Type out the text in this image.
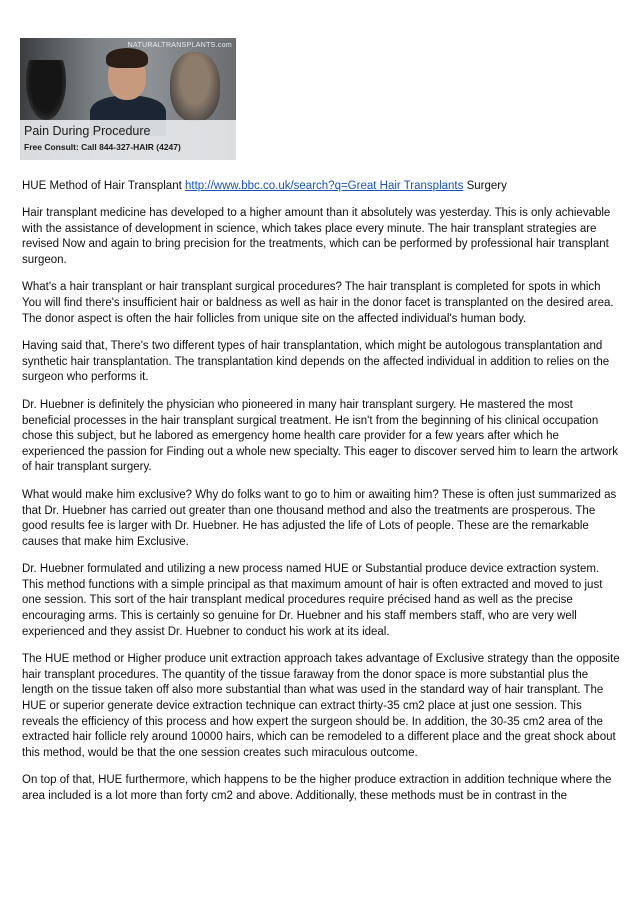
NATURALTRANSPLANTS.com
Pain During Procedure
Free Consult: Call 844-327-HAIR (4247)
HUE Method of Hair Transplant http://www.bbc.co.uk/search?q=Great Hair Transplants Surgery

Hair transplant medicine has developed to a higher amount than it absolutely was yesterday. This is only achievable with the assistance of development in science, which takes place every minute. The hair transplant strategies are revised Now and again to bring precision for the treatments, which can be performed by professional hair transplant surgeon.

What's a hair transplant or hair transplant surgical procedures? The hair transplant is completed for spots in which You will find there's insufficient hair or baldness as well as hair in the donor facet is transplanted on the desired area. The donor aspect is often the hair follicles from unique site on the affected individual's human body.

Having said that, There's two different types of hair transplantation, which might be autologous transplantation and synthetic hair transplantation. The transplantation kind depends on the affected individual in addition to relies on the surgeon who performs it.

Dr. Huebner is definitely the physician who pioneered in many hair transplant surgery. He mastered the most beneficial processes in the hair transplant surgical treatment. He isn't from the beginning of his clinical occupation chose this subject, but he labored as emergency home health care provider for a few years after which he experienced the passion for Finding out a whole new specialty. This eager to discover served him to learn the artwork of hair transplant surgery.

What would make him exclusive? Why do folks want to go to him or awaiting him? These is often just summarized as that Dr. Huebner has carried out greater than one thousand method and also the treatments are prosperous. The good results fee is larger with Dr. Huebner. He has adjusted the life of Lots of people. These are the remarkable causes that make him Exclusive.

Dr. Huebner formulated and utilizing a new process named HUE or Substantial produce device extraction system. This method functions with a simple principal as that maximum amount of hair is often extracted and moved to just one session. This sort of the hair transplant medical procedures require précised hand as well as the precise encouraging arms. This is certainly so genuine for Dr. Huebner and his staff members staff, who are very well experienced and they assist Dr. Huebner to conduct his work at its ideal.

The HUE method or Higher produce unit extraction approach takes advantage of Exclusive strategy than the opposite hair transplant procedures. The quantity of the tissue faraway from the donor space is more substantial plus the length on the tissue taken off also more substantial than what was used in the standard way of hair transplant. The HUE or superior generate device extraction technique can extract thirty-35 cm2 place at just one session. This reveals the efficiency of this process and how expert the surgeon should be. In addition, the 30-35 cm2 area of the extracted hair follicle rely around 10000 hairs, which can be remodeled to a different place and the great shock about this method, would be that the one session creates such miraculous outcome.

On top of that, HUE furthermore, which happens to be the higher produce extraction in addition technique where the area included is a lot more than forty cm2 and above. Additionally, these methods must be in contrast in the
